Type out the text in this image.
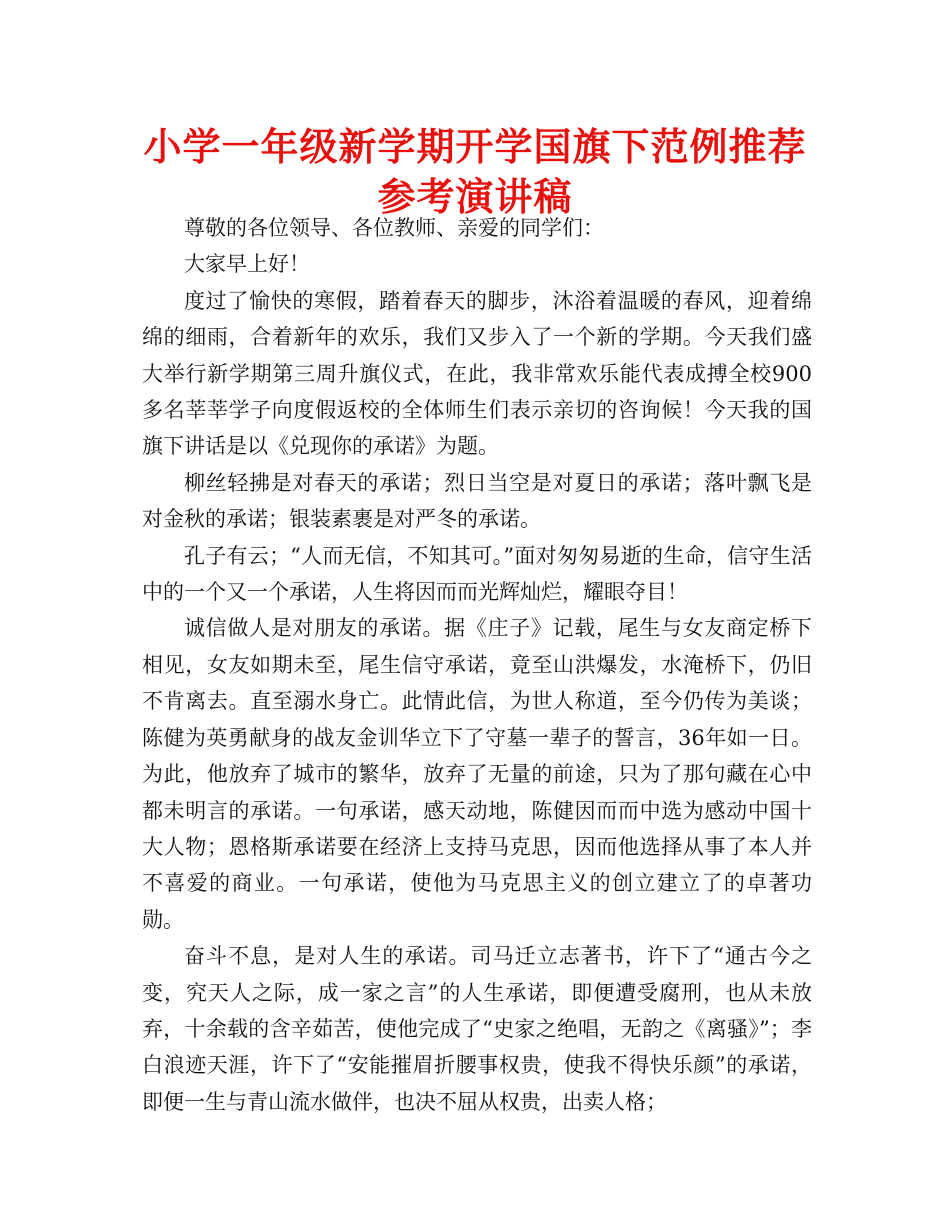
小学一年级新学期开学国旗下范例推荐参考演讲稿

尊敬的各位领导、各位教师、亲爱的同学们：

大家早上好！

度过了愉快的寒假，踏着春天的脚步，沐浴着温暖的春风，迎着绵绵的细雨，合着新年的欢乐，我们又步入了一个新的学期。今天我们盛大举行新学期第三周升旗仪式，在此，我非常欢乐能代表成搏全校900多名莘莘学子向度假返校的全体师生们表示亲切的咨询候！今天我的国旗下讲话是以《兑现你的承诺》为题。

柳丝轻拂是对春天的承诺；烈日当空是对夏日的承诺；落叶飘飞是对金秋的承诺；银装素裹是对严冬的承诺。

孔子有云；“人而无信，不知其可。”面对匆匆易逝的生命，信守生活中的一个又一个承诺，人生将因而而光辉灿烂，耀眼夺目！

诚信做人是对朋友的承诺。据《庄子》记载，尾生与女友商定桥下相见，女友如期未至，尾生信守承诺，竟至山洪爆发，水淹桥下，仍旧不肯离去。直至溺水身亡。此情此信，为世人称道，至今仍传为美谈；陈健为英勇献身的战友金训华立下了守墓一辈子的誓言，36年如一日。为此，他放弃了城市的繁华，放弃了无量的前途，只为了那句藏在心中都未明言的承诺。一句承诺，感天动地，陈健因而而中选为感动中国十大人物；恩格斯承诺要在经济上支持马克思，因而他选择从事了本人并不喜爱的商业。一句承诺，使他为马克思主义的创立建立了的卓著功勋。

奋斗不息，是对人生的承诺。司马迁立志著书，许下了“通古今之变，究天人之际，成一家之言”的人生承诺，即便遭受腐刑，也从未放弃，十余载的含辛茹苦，使他完成了“史家之绝唱，无韵之《离骚》”；李白浪迹天涯，许下了“安能摧眉折腰事权贵，使我不得快乐颜”的承诺，即便一生与青山流水做伴，也决不屈从权贵，出卖人格；
